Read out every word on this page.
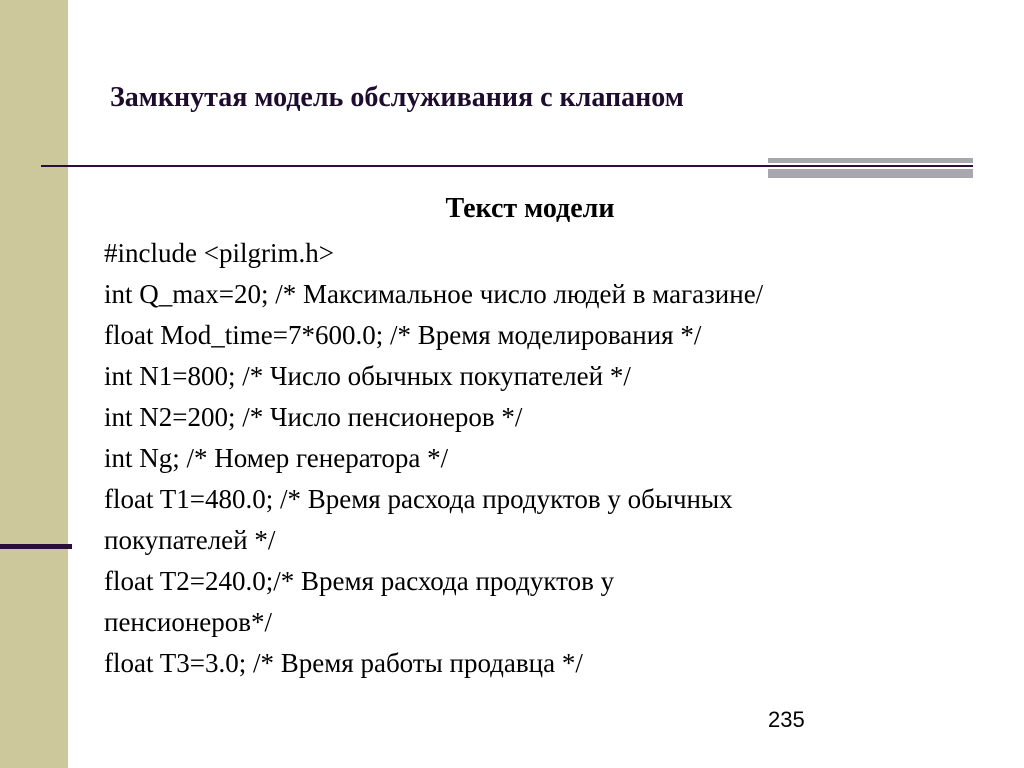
Замкнутая модель обслуживания с клапаном
Текст модели
#include <pilgrim.h>
int Q_max=20; /* Максимальное число людей в магазине/
float Mod_time=7*600.0; /* Время моделирования */
int N1=800; /* Число обычных покупателей */
int N2=200; /* Число пенсионеров */
int Ng; /* Номер генератора */
float T1=480.0; /* Время расхода продуктов у обычных
покупателей */
float T2=240.0;/* Время расхода продуктов у
пенсионеров*/
float T3=3.0; /* Время работы продавца */
235
